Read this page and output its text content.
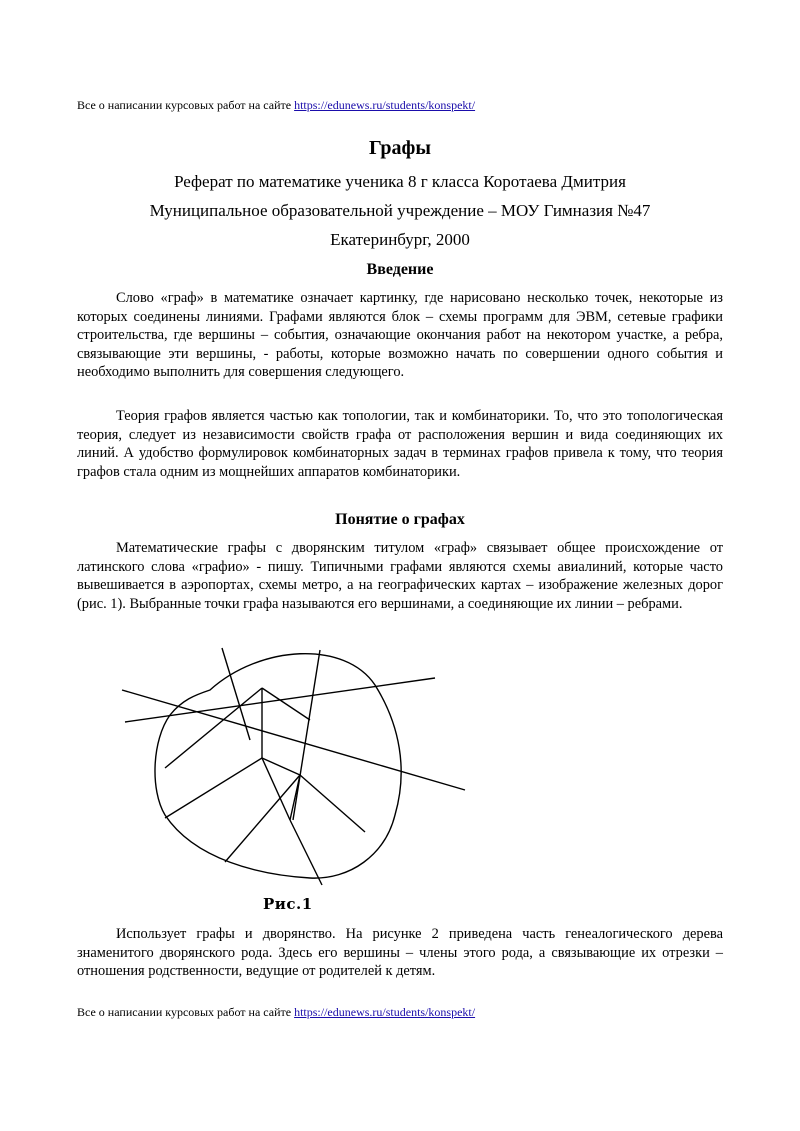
Все о написании курсовых работ на сайте https://edunews.ru/students/konspekt/
Графы
Реферат по математике ученика 8 г класса Коротаева Дмитрия
Муниципальное образовательной учреждение – МОУ Гимназия №47
Екатеринбург, 2000
Введение

Слово «граф» в математике означает картинку, где нарисовано несколько точек, некоторые из которых соединены линиями. Графами являются блок – схемы программ для ЭВМ, сетевые графики строительства, где вершины – события, означающие окончания работ на некотором участке, а ребра, связывающие эти вершины, - работы, которые возможно начать по совершении одного события и необходимо выполнить для совершения следующего.

Теория графов является частью как топологии, так и комбинаторики. То, что это топологическая теория, следует из независимости свойств графа от расположения вершин и вида соединяющих их линий. А удобство формулировок комбинаторных задач в терминах графов привела к тому, что теория графов стала одним из мощнейших аппаратов комбинаторики.

Понятие о графах

Математические графы с дворянским титулом «граф» связывает общее происхождение от латинского слова «графио» - пишу. Типичными графами являются схемы авиалиний, которые часто вывешивается в аэропортах, схемы метро, а на географических картах – изображение железных дорог (рис. 1). Выбранные точки графа называются его вершинами, а соединяющие их линии – ребрами.

Рис.1

Использует графы и дворянство. На рисунке 2 приведена часть генеалогического дерева знаменитого дворянского рода. Здесь его вершины – члены этого рода, а связывающие их отрезки – отношения родственности, ведущие от родителей к детям.

Все о написании курсовых работ на сайте https://edunews.ru/students/konspekt/
